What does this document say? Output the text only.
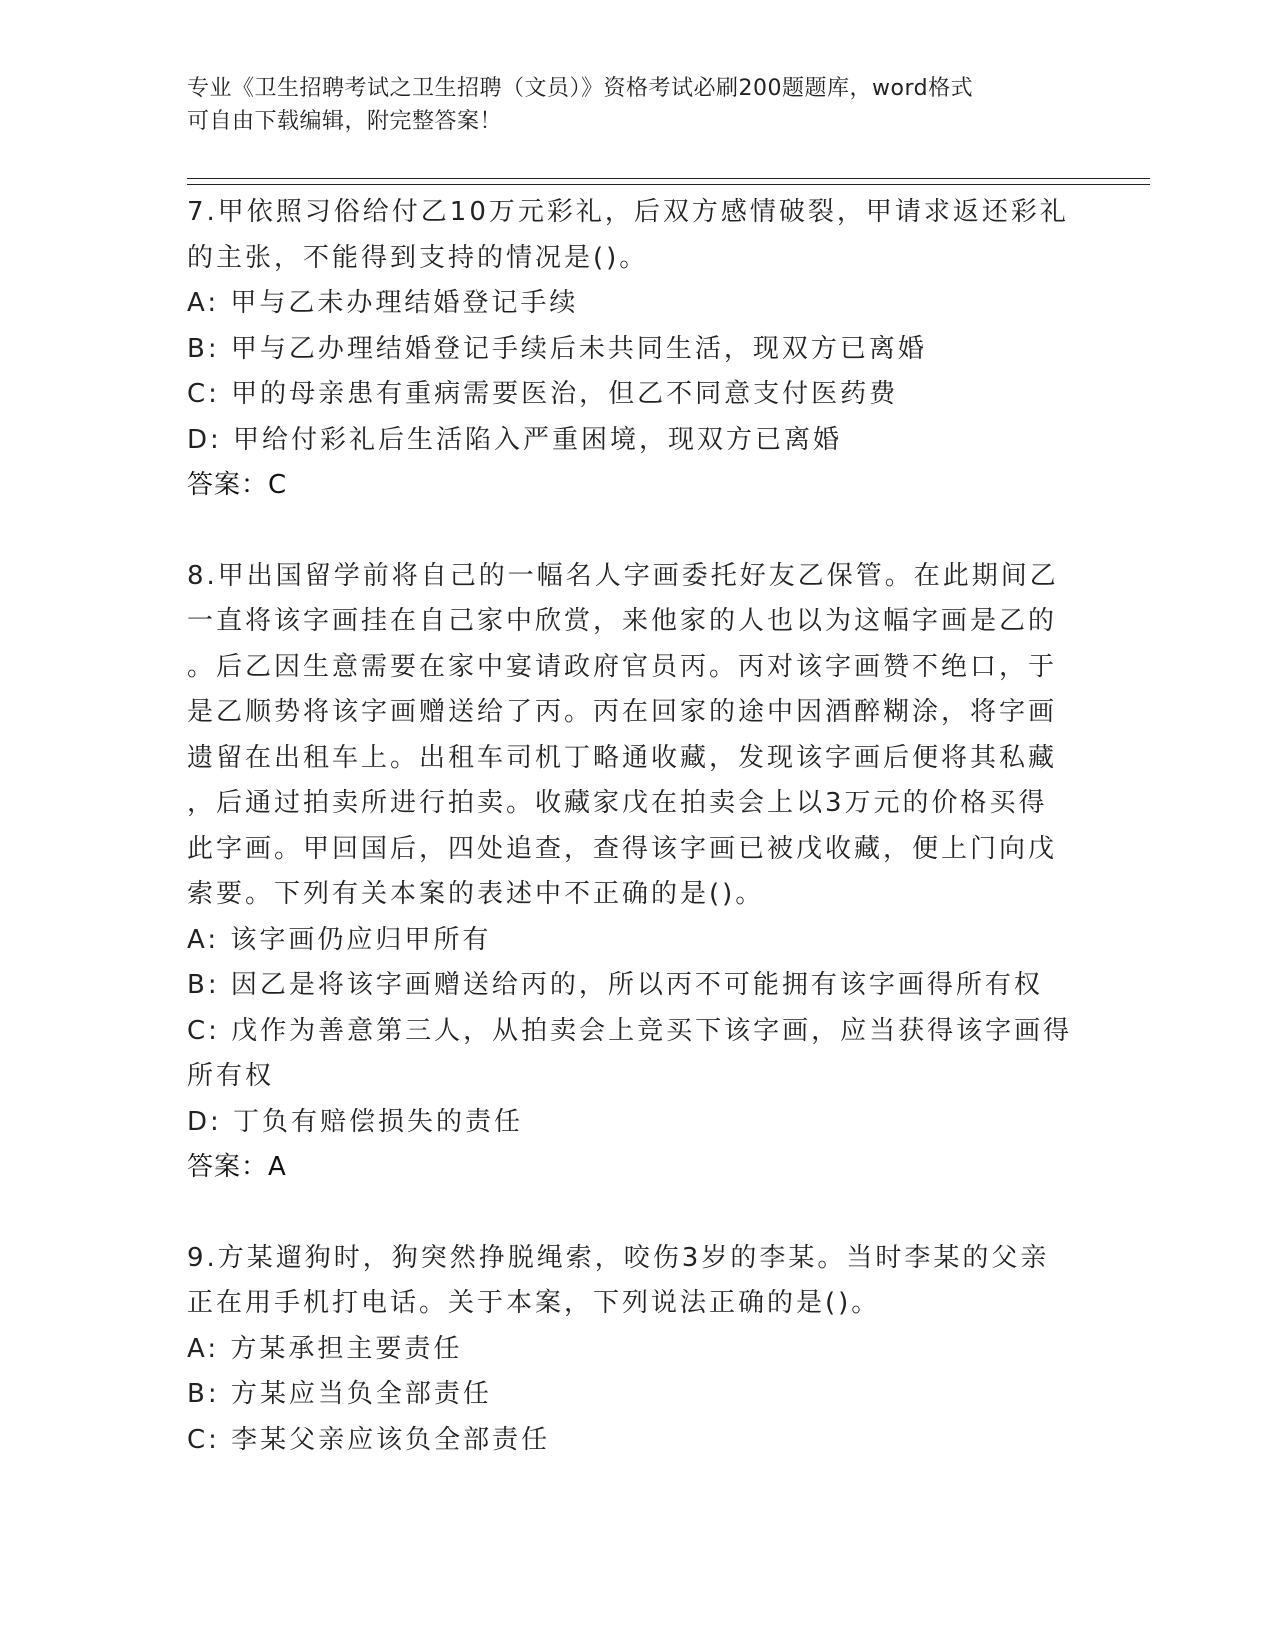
专业《卫生招聘考试之卫生招聘（文员）》资格考试必刷200题题库，word格式
可自由下载编辑，附完整答案！
7.甲依照习俗给付乙10万元彩礼，后双方感情破裂，甲请求返还彩礼
的主张，不能得到支持的情况是()。
A: 甲与乙未办理结婚登记手续
B: 甲与乙办理结婚登记手续后未共同生活，现双方已离婚
C: 甲的母亲患有重病需要医治，但乙不同意支付医药费
D: 甲给付彩礼后生活陷入严重困境，现双方已离婚
答案：C
8.甲出国留学前将自己的一幅名人字画委托好友乙保管。在此期间乙
一直将该字画挂在自己家中欣赏，来他家的人也以为这幅字画是乙的
。后乙因生意需要在家中宴请政府官员丙。丙对该字画赞不绝口，于
是乙顺势将该字画赠送给了丙。丙在回家的途中因酒醉糊涂，将字画
遗留在出租车上。出租车司机丁略通收藏，发现该字画后便将其私藏
，后通过拍卖所进行拍卖。收藏家戊在拍卖会上以3万元的价格买得
此字画。甲回国后，四处追查，查得该字画已被戊收藏，便上门向戊
索要。下列有关本案的表述中不正确的是()。
A: 该字画仍应归甲所有
B: 因乙是将该字画赠送给丙的，所以丙不可能拥有该字画得所有权
C: 戊作为善意第三人，从拍卖会上竞买下该字画，应当获得该字画得
所有权
D: 丁负有赔偿损失的责任
答案：A
9.方某遛狗时，狗突然挣脱绳索，咬伤3岁的李某。当时李某的父亲
正在用手机打电话。关于本案，下列说法正确的是()。
A: 方某承担主要责任
B: 方某应当负全部责任
C: 李某父亲应该负全部责任
